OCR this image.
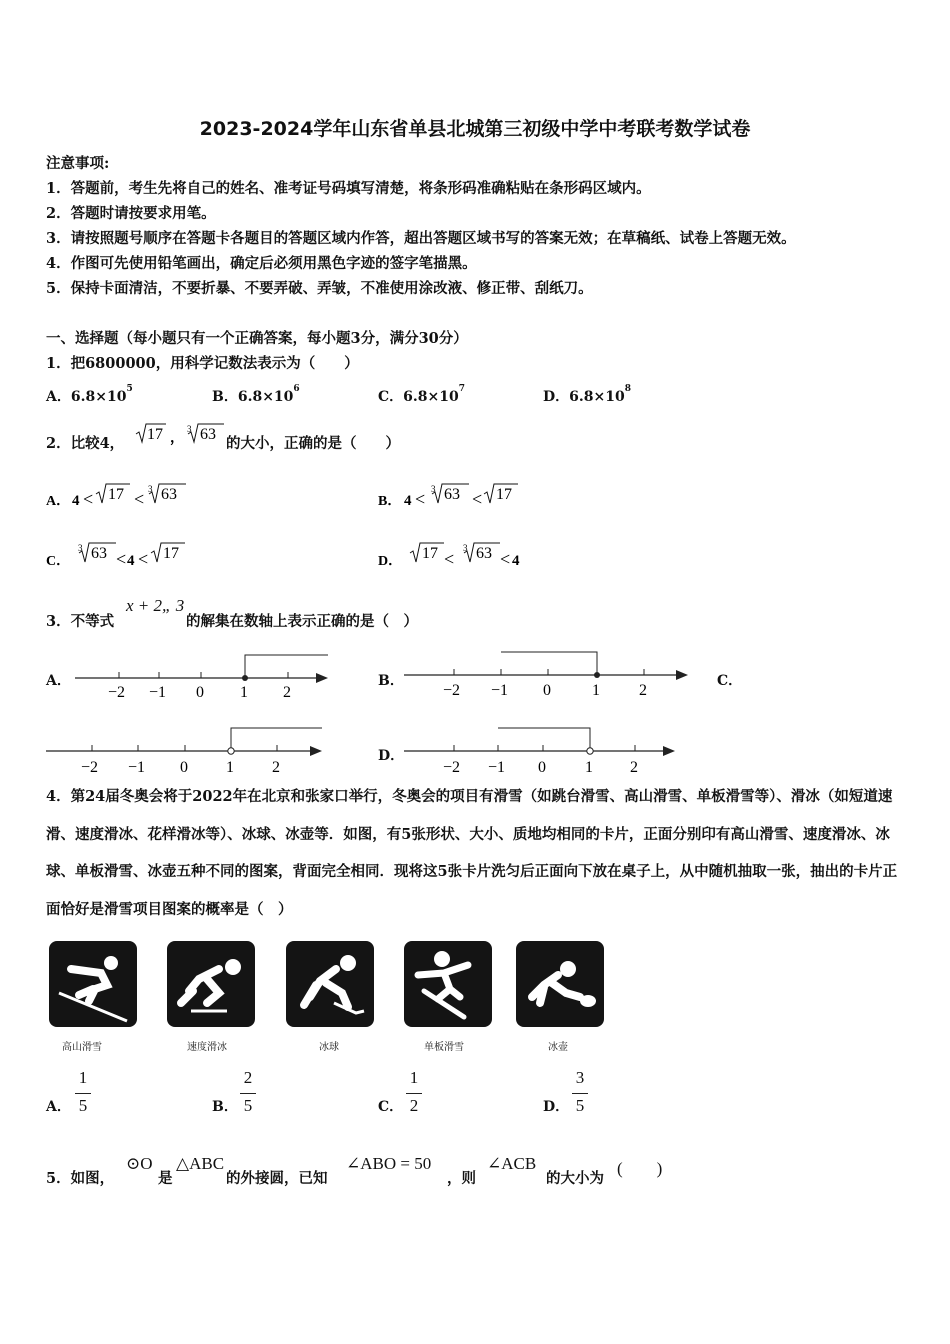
2023-2024学年山东省单县北城第三初级中学中考联考数学试卷
注意事项:
1．答题前，考生先将自己的姓名、准考证号码填写清楚，将条形码准确粘贴在条形码区域内。
2．答题时请按要求用笔。
3．请按照题号顺序在答题卡各题目的答题区域内作答，超出答题区域书写的答案无效；在草稿纸、试卷上答题无效。
4．作图可先使用铅笔画出，确定后必须用黑色字迹的签字笔描黑。
5．保持卡面清洁，不要折暴、不要弄破、弄皱，不准使用涂改液、修正带、刮纸刀。
一、选择题（每小题只有一个正确答案，每小题3分，满分30分）
1．把6800000，用科学记数法表示为（　　）
A．$6.8\times 10^5$	B．$6.8\times 10^6$	C．$6.8\times 10^7$	D．$6.8\times 10^8$
2．比较4，
17 ，
3 63
的大小，正确的是（　　）
A． 4 < 17 < 3 63	B． 4 < 3 63 < 17
C．
3 63 < 4 < 17	D． 17 <
3 63 < 4
3．不等式
x + 2„ 3
的解集在数轴上表示正确的是（　）
A．
−2 −1 0 1 2
B．
−2 −1 0	1 2
C．
−2 −1 0 1 2
D．
−2 −1 0 1 2
4．第24届冬奥会将于2022年在北京和张家口举行，冬奥会的项目有滑雪（如跳台滑雪、高山滑雪、单板滑雪等）、滑冰（如短道速滑、速度滑冰、花样滑冰等）、冰球、冰壶等．如图，有5张形状、大小、质地均相同的卡片，正面分别印有高山滑雪、速度滑冰、冰球、单板滑雪、冰壶五种不同的图案，背面完全相同．现将这5张卡片洗匀后正面向下放在桌子上，从中随机抽取一张，抽出的卡片正面恰好是滑雪项目图案的概率是（　）
高山滑雪	速度滑冰	冰球	单板滑雪	冰壶
A．
1
5	B．
2
5	C．
1
2	D．
3
5
5．如图，
⊙O
是
△ABC
的外接圆，已知
∠ABO = 50
，则
∠ACB
的大小为
(　　)
